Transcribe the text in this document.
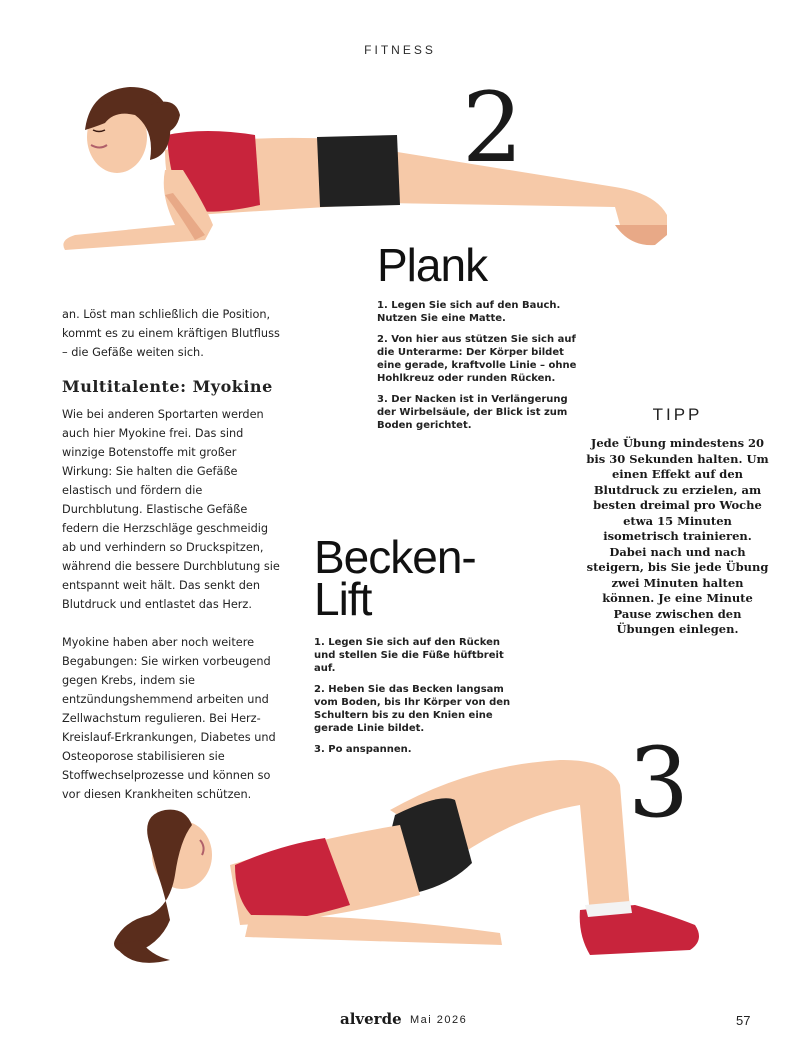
FITNESS
2
Plank

1. Legen Sie sich auf den Bauch. Nutzen Sie eine Matte.

2. Von hier aus stützen Sie sich auf die Unterarme: Der Körper bildet eine gerade, kraftvolle Linie – ohne Hohlkreuz oder runden Rücken.

3. Der Nacken ist in Verlängerung der Wirbelsäule, der Blick ist zum Boden gerichtet.

an. Löst man schließlich die Position, kommt es zu einem kräftigen Blutfluss – die Gefäße weiten sich.

Multitalente: Myokine

Wie bei anderen Sportarten werden auch hier Myokine frei. Das sind winzige Botenstoffe mit großer Wirkung: Sie halten die Gefäße elastisch und fördern die Durchblutung. Elastische Gefäße federn die Herzschläge geschmeidig ab und verhindern so Druckspitzen, während die bessere Durchblutung sie entspannt weit hält. Das senkt den Blutdruck und entlastet das Herz.

Myokine haben aber noch weitere Begabungen: Sie wirken vorbeugend gegen Krebs, indem sie entzündungshemmend arbeiten und Zellwachstum regulieren. Bei Herz-Kreislauf-Erkrankungen, Diabetes und Osteoporose stabilisieren sie Stoffwechselprozesse und können so vor diesen Krankheiten schützen.

Becken-
Lift

1. Legen Sie sich auf den Rücken und stellen Sie die Füße hüftbreit auf.

2. Heben Sie das Becken langsam vom Boden, bis Ihr Körper von den Schultern bis zu den Knien eine gerade Linie bildet.

3. Po anspannen.

TIPP
Jede Übung mindestens 20 bis 30 Sekunden halten. Um einen Effekt auf den Blutdruck zu erzielen, am besten dreimal pro Woche etwa 15 Minuten isometrisch trainieren. Dabei nach und nach steigern, bis Sie jede Übung zwei Minuten halten können. Je eine Minute Pause zwischen den Übungen einlegen.
3
alverde Mai 2026	57
